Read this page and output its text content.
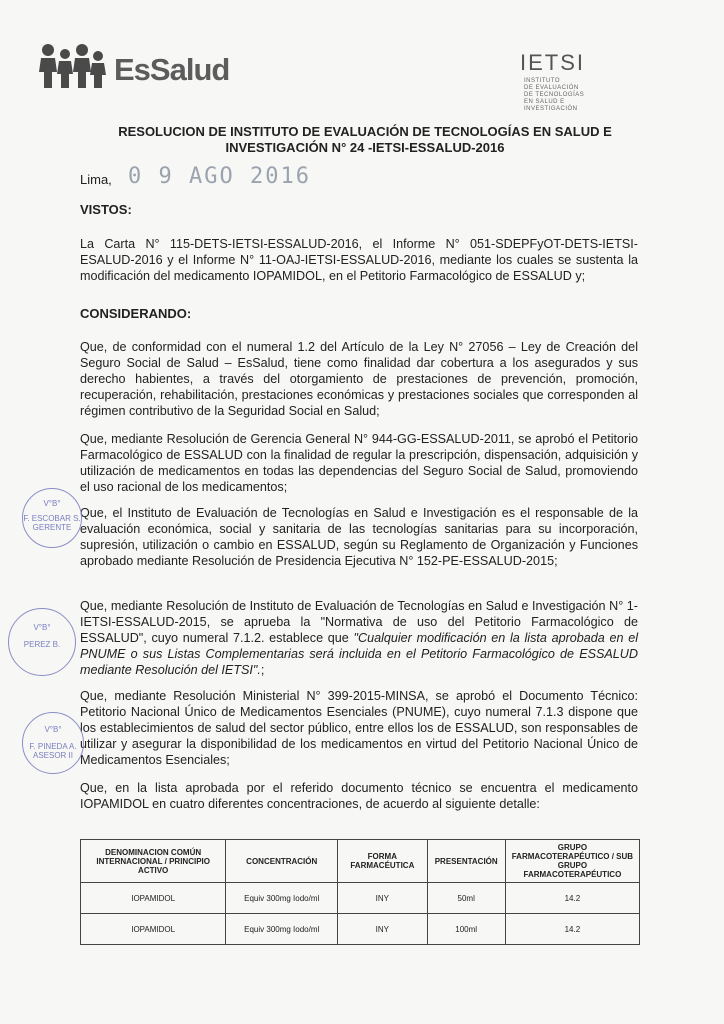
EsSalud	IETSI
INSTITUTO
DE EVALUACIÓN
DE TECNOLOGÍAS
EN SALUD E
INVESTIGACIÓN
RESOLUCION DE INSTITUTO DE EVALUACIÓN DE TECNOLOGÍAS EN SALUD E
INVESTIGACIÓN N° 24 -IETSI-ESSALUD-2016
Lima, 0 9 AGO 2016
VISTOS:
La Carta N° 115-DETS-IETSI-ESSALUD-2016, el Informe N° 051-SDEPFyOT-DETS-IETSI-ESALUD-2016 y el Informe N° 11-OAJ-IETSI-ESSALUD-2016, mediante los cuales se sustenta la modificación del medicamento IOPAMIDOL, en el Petitorio Farmacológico de ESSALUD y;
CONSIDERANDO:
Que, de conformidad con el numeral 1.2 del Artículo de la Ley N° 27056 – Ley de Creación del Seguro Social de Salud – EsSalud, tiene como finalidad dar cobertura a los asegurados y sus derecho habientes, a través del otorgamiento de prestaciones de prevención, promoción, recuperación, rehabilitación, prestaciones económicas y prestaciones sociales que corresponden al régimen contributivo de la Seguridad Social en Salud;
Que, mediante Resolución de Gerencia General N° 944-GG-ESSALUD-2011, se aprobó el Petitorio Farmacológico de ESSALUD con la finalidad de regular la prescripción, dispensación, adquisición y utilización de medicamentos en todas las dependencias del Seguro Social de Salud, promoviendo el uso racional de los medicamentos;
Que, el Instituto de Evaluación de Tecnologías en Salud e Investigación es el responsable de la evaluación económica, social y sanitaria de las tecnologías sanitarias para su incorporación, supresión, utilización o cambio en ESSALUD, según su Reglamento de Organización y Funciones aprobado mediante Resolución de Presidencia Ejecutiva N° 152-PE-ESSALUD-2015;
Que, mediante Resolución de Instituto de Evaluación de Tecnologías en Salud e Investigación N° 1-IETSI-ESSALUD-2015, se aprueba la "Normativa de uso del Petitorio Farmacológico de ESSALUD", cuyo numeral 7.1.2. establece que "Cualquier modificación en la lista aprobada en el PNUME o sus Listas Complementarias será incluida en el Petitorio Farmacológico de ESSALUD mediante Resolución del IETSI".;
Que, mediante Resolución Ministerial N° 399-2015-MINSA, se aprobó el Documento Técnico: Petitorio Nacional Único de Medicamentos Esenciales (PNUME), cuyo numeral 7.1.3 dispone que los establecimientos de salud del sector público, entre ellos los de ESSALUD, son responsables de utilizar y asegurar la disponibilidad de los medicamentos en virtud del Petitorio Nacional Único de Medicamentos Esenciales;
Que, en la lista aprobada por el referido documento técnico se encuentra el medicamento IOPAMIDOL en cuatro diferentes concentraciones, de acuerdo al siguiente detalle:
V°B°
F. ESCOBAR S.
GERENTE
V°B°
PEREZ B.
V°B°
F. PINEDA A.
ASESOR II
DENOMINACION COMÚN INTERNACIONAL / PRINCIPIO ACTIVO	CONCENTRACIÓN	FORMA FARMACÉUTICA	PRESENTACIÓN	GRUPO FARMACOTERAPÉUTICO / SUB GRUPO FARMACOTERAPÉUTICO
IOPAMIDOL	Equiv 300mg Iodo/ml	INY	50ml	14.2
IOPAMIDOL	Equiv 300mg Iodo/ml	INY	100ml	14.2
